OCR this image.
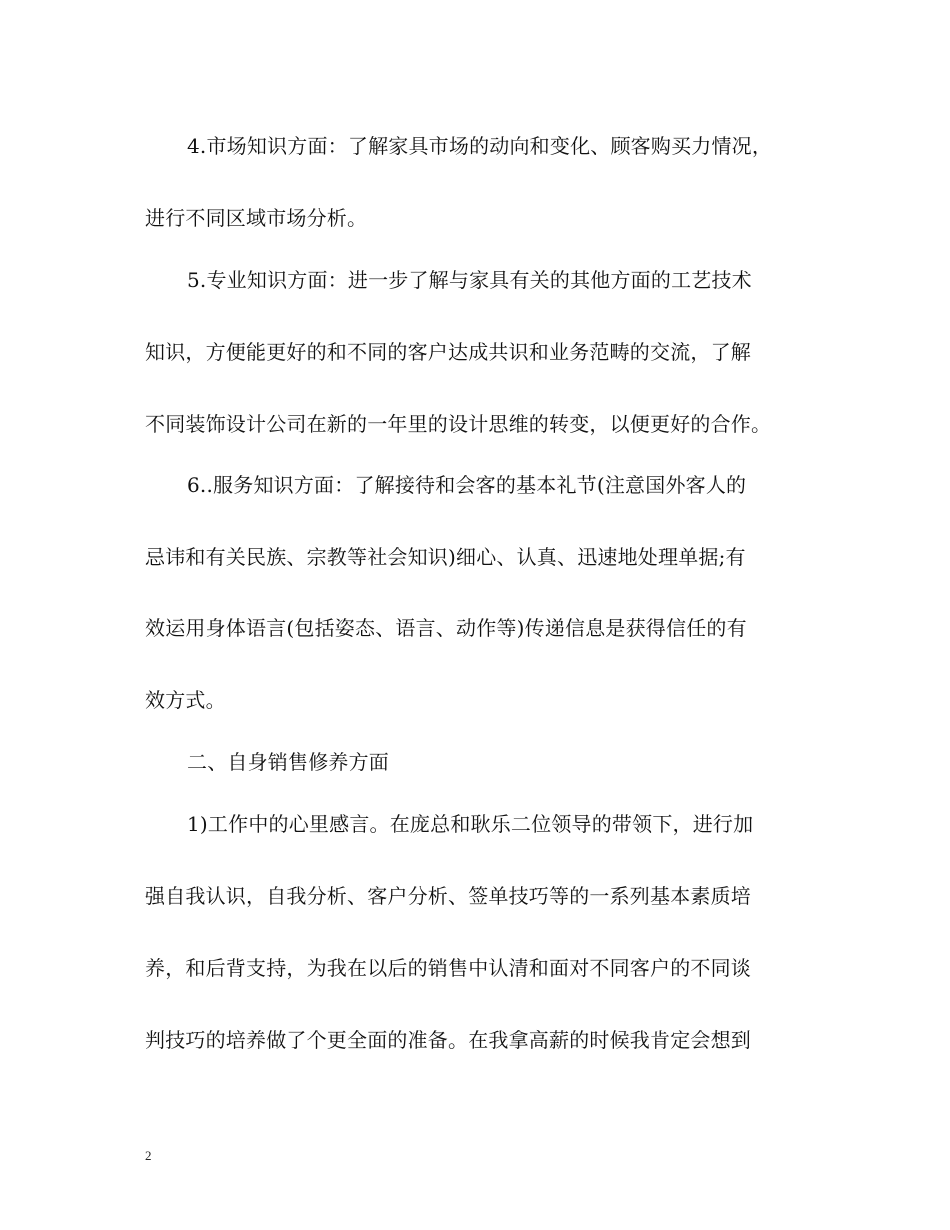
4.市场知识方面：了解家具市场的动向和变化、顾客购买力情况，
进行不同区域市场分析。
5.专业知识方面：进一步了解与家具有关的其他方面的工艺技术
知识，方便能更好的和不同的客户达成共识和业务范畴的交流，了解
不同装饰设计公司在新的一年里的设计思维的转变，以便更好的合作。
6..服务知识方面：了解接待和会客的基本礼节(注意国外客人的
忌讳和有关民族、宗教等社会知识)细心、认真、迅速地处理单据;有
效运用身体语言(包括姿态、语言、动作等)传递信息是获得信任的有
效方式。
二、自身销售修养方面
1)工作中的心里感言。在庞总和耿乐二位领导的带领下，进行加
强自我认识，自我分析、客户分析、签单技巧等的一系列基本素质培
养，和后背支持，为我在以后的销售中认清和面对不同客户的不同谈
判技巧的培养做了个更全面的准备。在我拿高薪的时候我肯定会想到
2
